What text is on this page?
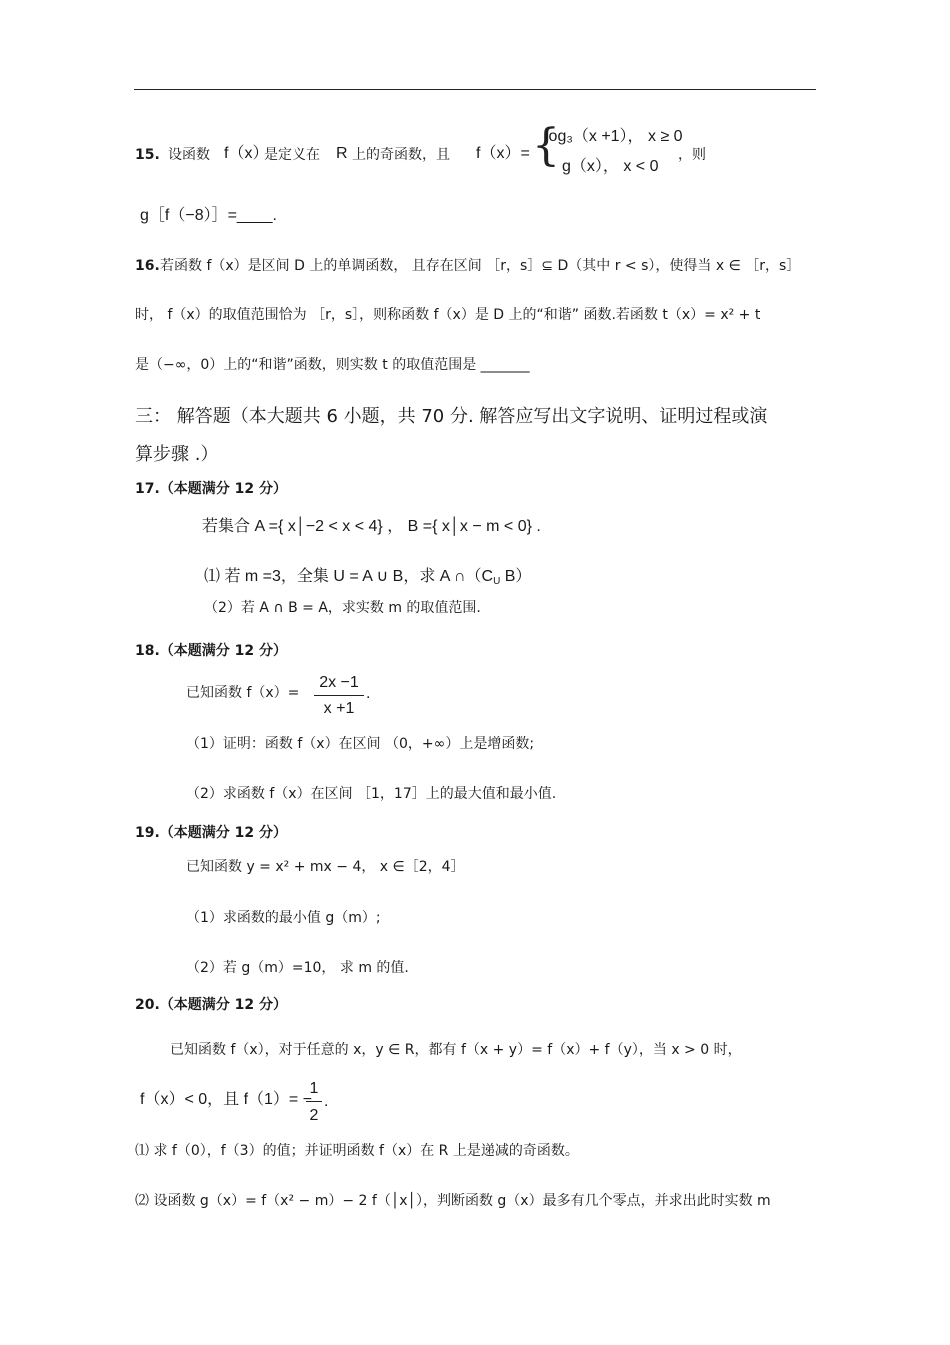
15. 设函数 f（x）
是定义在 R 上的奇函数，且 f（x）= {
log₃（x +1）， x ≥ 0
g（x）， x < 0
，则
g［f（−8）］=____.
16. 若函数 f（x）是区间 D 上的单调函数， 且存在区间 ［r，s］⊆ D（其中 r < s），使得当 x ∈ ［r，s］
时， f（x）的取值范围恰为 ［r，s］，则称函数 f（x）是 D 上的“和谐” 函数.若函数 t（x）= x² + t
是（−∞，0）上的“和谐”函数，则实数 t 的取值范围是 _______
三： 解答题（本大题共 6 小题，共 70 分. 解答应写出文字说明、证明过程或演
算步骤 .）
17.（本题满分 12 分）
若集合 A ={ x│−2 < x < 4} ， B ={ x│x − m < 0} .
⑴ 若 m =3，全集 U = A ∪ B，求 A $\cap(C_U$ B）
（2）若 A ∩ B = A，求实数 m 的取值范围.
18.（本题满分 12 分）
已知函数 f（x）=
2x −1
x +1
.
（1）证明：函数 f（x）在区间 （0，+∞）上是增函数;
（2）求函数 f（x）在区间 ［1，17］上的最大值和最小值.
19.（本题满分 12 分）
已知函数 y = x² + mx − 4， x ∈［2，4］
（1）求函数的最小值 g（m）;
（2）若 g（m）=10， 求 m 的值.
20.（本题满分 12 分）
已知函数 f（x），对于任意的 x，y ∈ R，都有 f（x + y）= f（x）+ f（y），当 x > 0 时，
f（x）< 0，且 f（1）= −
1
2
.
⑴ 求 f（0），f（3）的值；并证明函数 f（x）在 R 上是递减的奇函数。
⑵ 设函数 g（x）= f（x² − m）− 2 f（│x│），判断函数 g（x）最多有几个零点，并求出此时实数 m
